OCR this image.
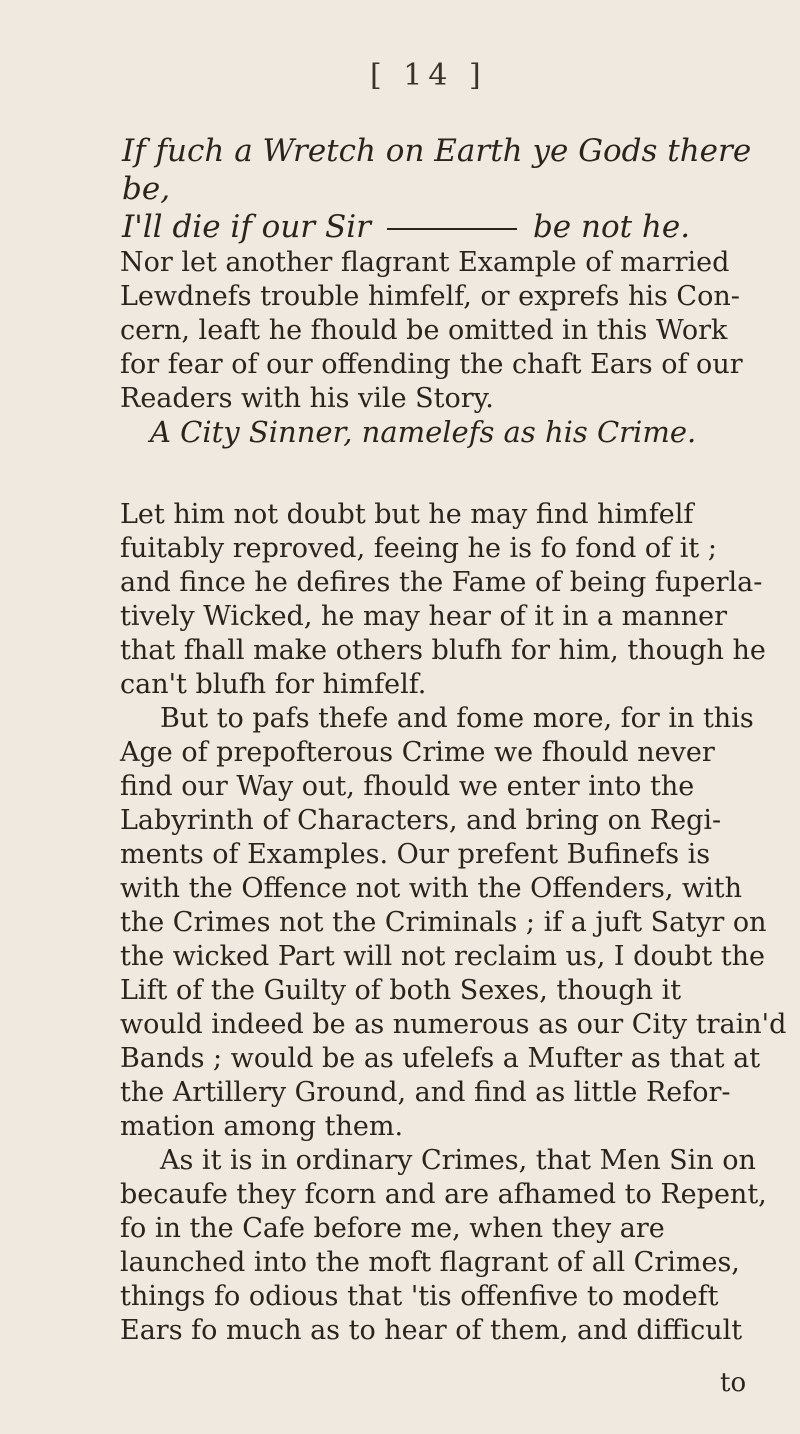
[ 14 ]
If fuch a Wretch on Earth ye Gods there be,
I'll die if our Sir	be not he.
Nor let another flagrant Example of married
Lewdnefs trouble himfelf, or exprefs his Con-
cern, leaft he fhould be omitted in this Work
for fear of our offending the chaft Ears of our
Readers with his vile Story.
A City Sinner, namelefs as his Crime.
Let him not doubt but he may find himfelf
fuitably reproved, feeing he is fo fond of it ;
and fince he defires the Fame of being fuperla-
tively Wicked, he may hear of it in a manner
that fhall make others blufh for him, though he
can't blufh for himfelf.
But to pafs thefe and fome more, for in this
Age of prepofterous Crime we fhould never
find our Way out, fhould we enter into the
Labyrinth of Characters, and bring on Regi-
ments of Examples. Our prefent Bufinefs is
with the Offence not with the Offenders, with
the Crimes not the Criminals ; if a juft Satyr on
the wicked Part will not reclaim us, I doubt the
Lift of the Guilty of both Sexes, though it
would indeed be as numerous as our City train'd
Bands ; would be as ufelefs a Mufter as that at
the Artillery Ground, and find as little Refor-
mation among them.
As it is in ordinary Crimes, that Men Sin on
becaufe they fcorn and are afhamed to Repent,
fo in the Cafe before me, when they are
launched into the moft flagrant of all Crimes,
things fo odious that 'tis offenfive to modeft
Ears fo much as to hear of them, and difficult
to
